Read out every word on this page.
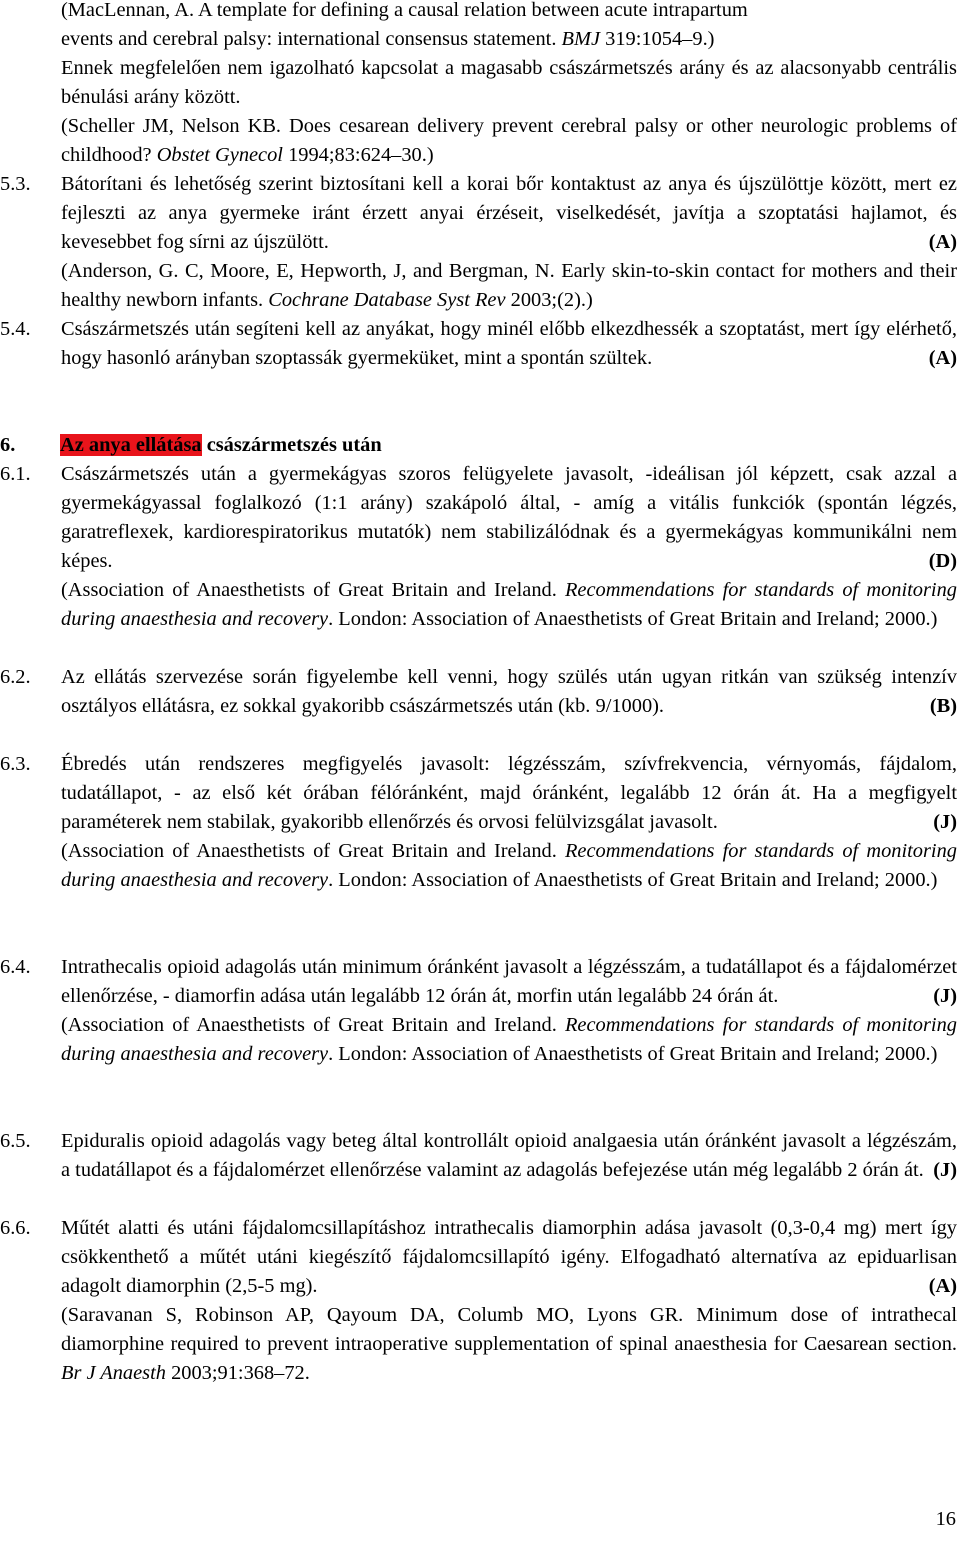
(MacLennan, A. A template for defining a causal relation between acute intrapartum
events and cerebral palsy: international consensus statement. BMJ 319:1054–9.)
Ennek megfelelően nem igazolható kapcsolat a magasabb császármetszés arány és az alacsonyabb centrális bénulási arány között.
(Scheller JM, Nelson KB. Does cesarean delivery prevent cerebral palsy or other neurologic problems of childhood? Obstet Gynecol 1994;83:624–30.)
5.3.	Bátorítani és lehetőség szerint biztosítani kell a korai bőr kontaktust az anya és újszülöttje között, mert ez fejleszti az anya gyermeke iránt érzett anyai érzéseit, viselkedését, javítja a szoptatási hajlamot, és kevesebbet fog sírni az újszülött.	(A)
(Anderson, G. C, Moore, E, Hepworth, J, and Bergman, N. Early skin-to-skin contact for mothers and their healthy newborn infants. Cochrane Database Syst Rev 2003;(2).)
5.4.	Császármetszés után segíteni kell az anyákat, hogy minél előbb elkezdhessék a szoptatást, mert így elérhető, hogy hasonló arányban szoptassák gyermeküket, mint a spontán szültek.	(A)
6. Az anya ellátása császármetszés után
6.1.	Császármetszés után a gyermekágyas szoros felügyelete javasolt, -ideálisan jól képzett, csak azzal a gyermekágyassal foglalkozó (1:1 arány) szakápoló által, - amíg a vitális funkciók (spontán légzés, garatreflexek, kardiorespiratorikus mutatók) nem stabilizálódnak és a gyermekágyas kommunikálni nem képes.	(D)
(Association of Anaesthetists of Great Britain and Ireland. Recommendations for standards of monitoring during anaesthesia and recovery. London: Association of Anaesthetists of Great Britain and Ireland; 2000.)
6.2.	Az ellátás szervezése során figyelembe kell venni, hogy szülés után ugyan ritkán van szükség intenzív osztályos ellátásra, ez sokkal gyakoribb császármetszés után (kb. 9/1000).	(B)
6.3.	Ébredés után rendszeres megfigyelés javasolt: légzésszám, szívfrekvencia, vérnyomás, fájdalom, tudatállapot, - az első két órában félóránként, majd óránként, legalább 12 órán át. Ha a megfigyelt paraméterek nem stabilak, gyakoribb ellenőrzés és orvosi felülvizsgálat javasolt.	(J)
(Association of Anaesthetists of Great Britain and Ireland. Recommendations for standards of monitoring during anaesthesia and recovery. London: Association of Anaesthetists of Great Britain and Ireland; 2000.)
6.4.	Intrathecalis opioid adagolás után minimum óránként javasolt a légzésszám, a tudatállapot és a fájdalomérzet ellenőrzése, - diamorfin adása után legalább 12 órán át, morfin után legalább 24 órán át.	(J)
(Association of Anaesthetists of Great Britain and Ireland. Recommendations for standards of monitoring during anaesthesia and recovery. London: Association of Anaesthetists of Great Britain and Ireland; 2000.)
6.5.	Epiduralis opioid adagolás vagy beteg által kontrollált opioid analgaesia után óránként javasolt a légzészám, a tudatállapot és a fájdalomérzet ellenőrzése valamint az adagolás befejezése után még legalább 2 órán át. (J)
6.6.	Műtét alatti és utáni fájdalomcsillapításhoz intrathecalis diamorphin adása javasolt (0,3-0,4 mg) mert így csökkenthető a műtét utáni kiegészítő fájdalomcsillapító igény. Elfogadható alternatíva az epiduarlisan adagolt diamorphin (2,5-5 mg).	(A)
(Saravanan S, Robinson AP, Qayoum DA, Columb MO, Lyons GR. Minimum dose of intrathecal diamorphine required to prevent intraoperative supplementation of spinal anaesthesia for Caesarean section. Br J Anaesth 2003;91:368–72.
16
